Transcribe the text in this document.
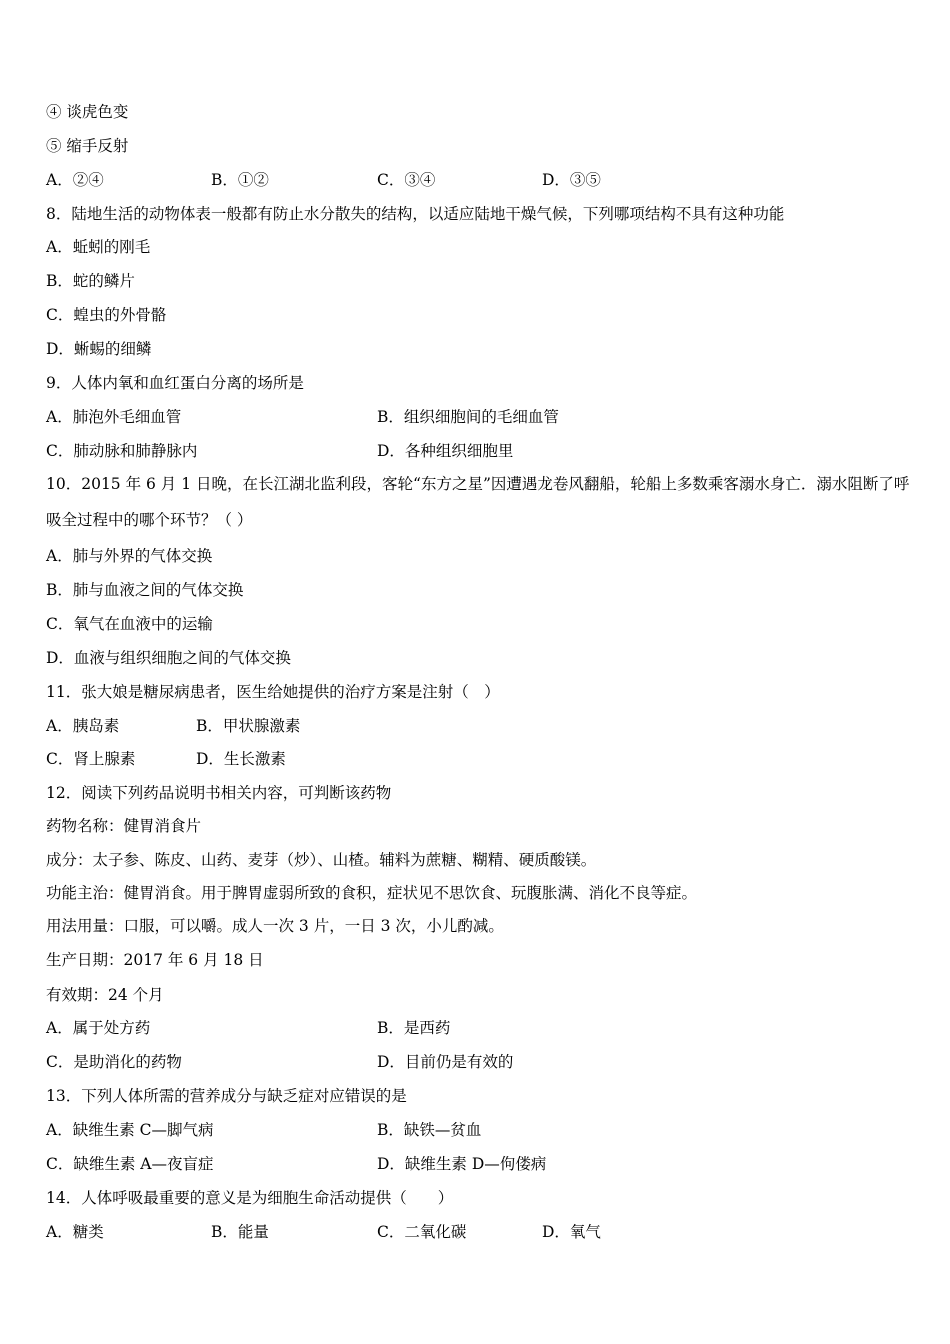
④ 谈虎色变
⑤ 缩手反射
A．②④	B．①②	C．③④	D．③⑤
8．陆地生活的动物体表一般都有防止水分散失的结构，以适应陆地干燥气候，下列哪项结构不具有这种功能
A．蚯蚓的刚毛
B．蛇的鳞片
C．蝗虫的外骨骼
D．蜥蜴的细鳞
9．人体内氧和血红蛋白分离的场所是
A．肺泡外毛细血管	B．组织细胞间的毛细血管
C．肺动脉和肺静脉内	D．各种组织细胞里
10．2015 年 6 月 1 日晚，在长江湖北监利段，客轮“东方之星”因遭遇龙卷风翻船，轮船上多数乘客溺水身亡．溺水阻断了呼吸全过程中的哪个环节？（ ）
A．肺与外界的气体交换
B．肺与血液之间的气体交换
C．氧气在血液中的运输
D．血液与组织细胞之间的气体交换
11．张大娘是糖尿病患者，医生给她提供的治疗方案是注射（　）
A．胰岛素	B．甲状腺激素
C．肾上腺素	D．生长激素
12．阅读下列药品说明书相关内容，可判断该药物
药物名称：健胃消食片
成分：太子参、陈皮、山药、麦芽（炒）、山楂。辅料为蔗糖、糊精、硬质酸镁。
功能主治：健胃消食。用于脾胃虚弱所致的食积，症状见不思饮食、玩腹胀满、消化不良等症。
用法用量：口服，可以嚼。成人一次 3 片，一日 3 次，小儿酌减。
生产日期：2017 年 6 月 18 日
有效期：24 个月
A．属于处方药	B．是西药
C．是助消化的药物	D．目前仍是有效的
13．下列人体所需的营养成分与缺乏症对应错误的是
A．缺维生素 C—脚气病	B．缺铁—贫血
C．缺维生素 A—夜盲症	D．缺维生素 D—佝偻病
14．人体呼吸最重要的意义是为细胞生命活动提供（　　）
A．糖类	B．能量	C．二氧化碳	D．氧气
